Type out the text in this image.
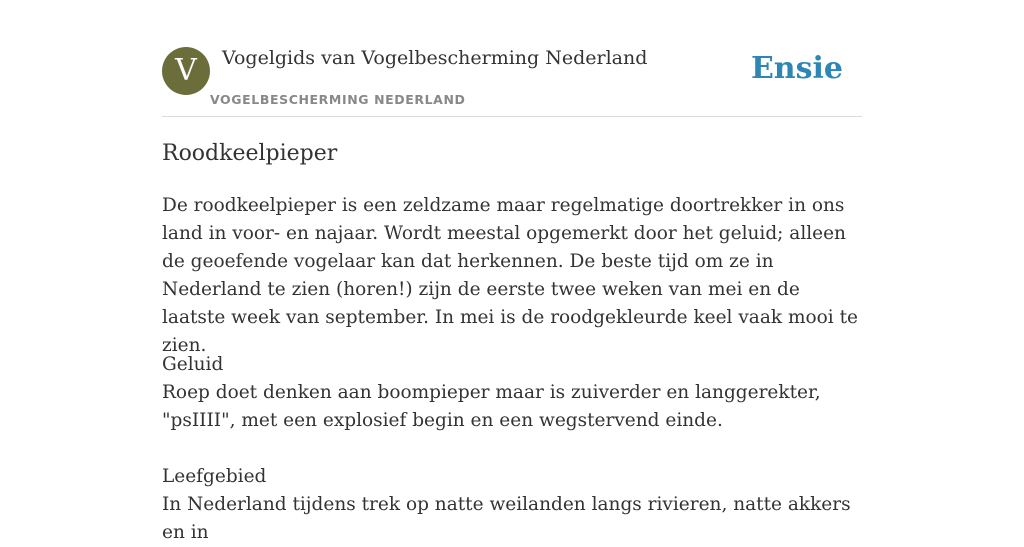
V	Vogelgids van Vogelbescherming Nederland
VOGELBESCHERMING NEDERLAND
Ensie
Roodkeelpieper

De roodkeelpieper is een zeldzame maar regelmatige doortrekker in ons land in voor- en najaar. Wordt meestal opgemerkt door het geluid; alleen de geoefende vogelaar kan dat herkennen. De beste tijd om ze in Nederland te zien (horen!) zijn de eerste twee weken van mei en de laatste week van september. In mei is de roodgekleurde keel vaak mooi te zien.

Geluid
Roep doet denken aan boompieper maar is zuiverder en langgerekter, "psIIII", met een explosief begin en een wegstervend einde.
Leefgebied
In Nederland tijdens trek op natte weilanden langs rivieren, natte akkers en in
